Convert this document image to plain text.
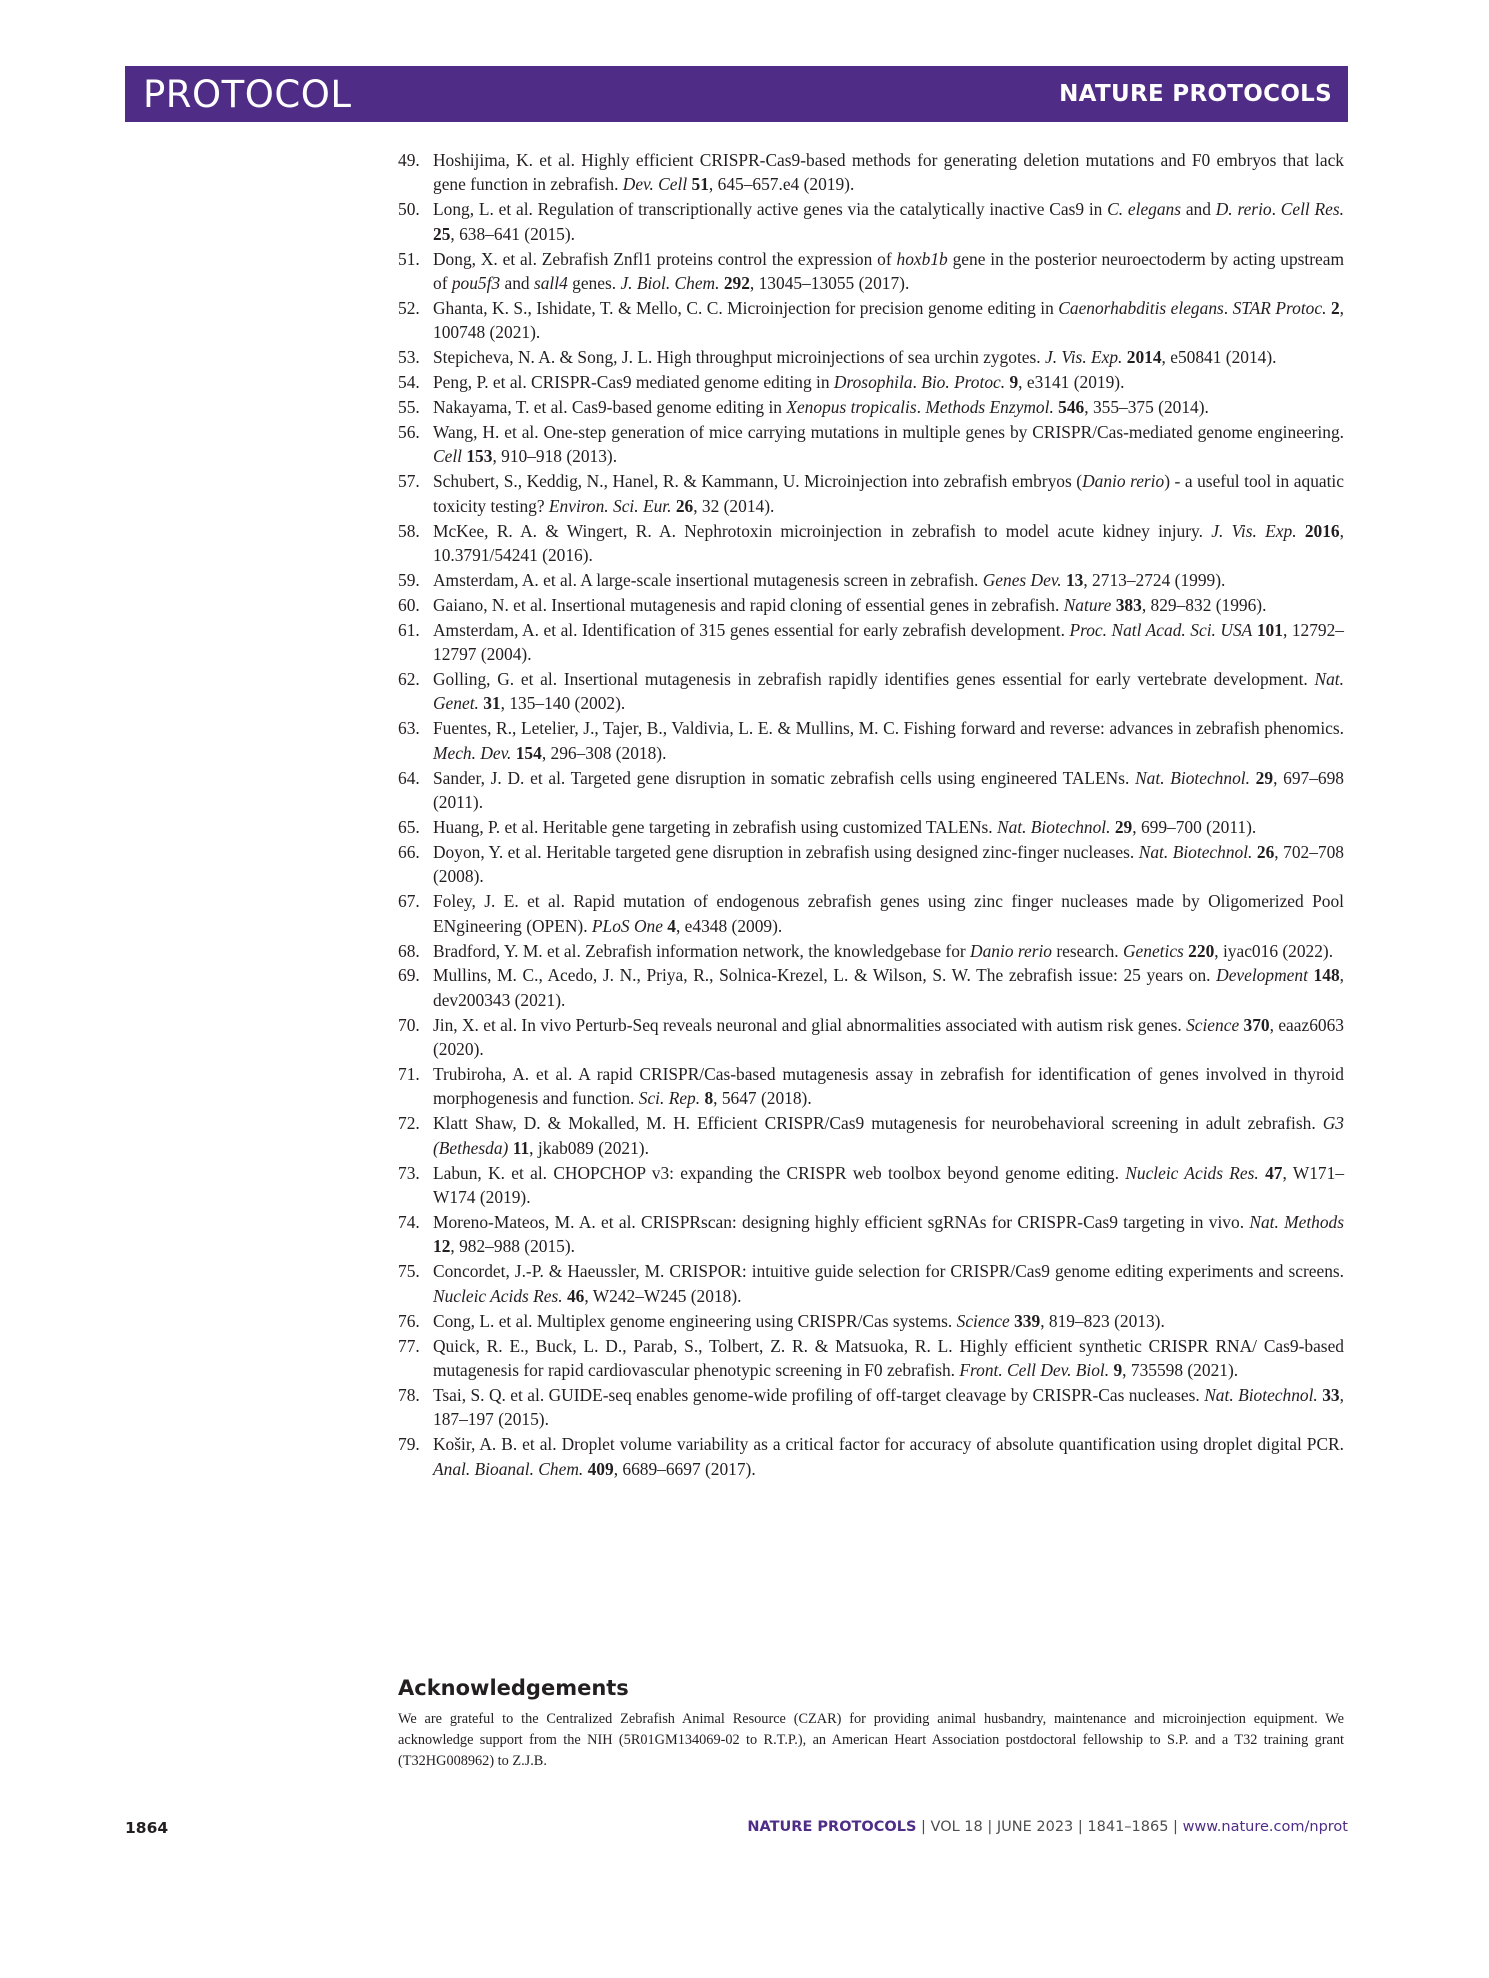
PROTOCOL	NATURE PROTOCOLS
49. Hoshijima, K. et al. Highly efficient CRISPR-Cas9-based methods for generating deletion mutations and F0 embryos that lack gene function in zebrafish. Dev. Cell 51, 645–657.e4 (2019).
50. Long, L. et al. Regulation of transcriptionally active genes via the catalytically inactive Cas9 in C. elegans and D. rerio. Cell Res. 25, 638–641 (2015).
51. Dong, X. et al. Zebrafish Znfl1 proteins control the expression of hoxb1b gene in the posterior neuroectoderm by acting upstream of pou5f3 and sall4 genes. J. Biol. Chem. 292, 13045–13055 (2017).
52. Ghanta, K. S., Ishidate, T. & Mello, C. C. Microinjection for precision genome editing in Caenorhabditis elegans. STAR Protoc. 2, 100748 (2021).
53. Stepicheva, N. A. & Song, J. L. High throughput microinjections of sea urchin zygotes. J. Vis. Exp. 2014, e50841 (2014).
54. Peng, P. et al. CRISPR-Cas9 mediated genome editing in Drosophila. Bio. Protoc. 9, e3141 (2019).
55. Nakayama, T. et al. Cas9-based genome editing in Xenopus tropicalis. Methods Enzymol. 546, 355–375 (2014).
56. Wang, H. et al. One-step generation of mice carrying mutations in multiple genes by CRISPR/Cas-mediated genome engineering. Cell 153, 910–918 (2013).
57. Schubert, S., Keddig, N., Hanel, R. & Kammann, U. Microinjection into zebrafish embryos (Danio rerio) - a useful tool in aquatic toxicity testing? Environ. Sci. Eur. 26, 32 (2014).
58. McKee, R. A. & Wingert, R. A. Nephrotoxin microinjection in zebrafish to model acute kidney injury. J. Vis. Exp. 2016, 10.3791/54241 (2016).
59. Amsterdam, A. et al. A large-scale insertional mutagenesis screen in zebrafish. Genes Dev. 13, 2713–2724 (1999).
60. Gaiano, N. et al. Insertional mutagenesis and rapid cloning of essential genes in zebrafish. Nature 383, 829–832 (1996).
61. Amsterdam, A. et al. Identification of 315 genes essential for early zebrafish development. Proc. Natl Acad. Sci. USA 101, 12792–12797 (2004).
62. Golling, G. et al. Insertional mutagenesis in zebrafish rapidly identifies genes essential for early vertebrate development. Nat. Genet. 31, 135–140 (2002).
63. Fuentes, R., Letelier, J., Tajer, B., Valdivia, L. E. & Mullins, M. C. Fishing forward and reverse: advances in zebrafish phenomics. Mech. Dev. 154, 296–308 (2018).
64. Sander, J. D. et al. Targeted gene disruption in somatic zebrafish cells using engineered TALENs. Nat. Biotechnol. 29, 697–698 (2011).
65. Huang, P. et al. Heritable gene targeting in zebrafish using customized TALENs. Nat. Biotechnol. 29, 699–700 (2011).
66. Doyon, Y. et al. Heritable targeted gene disruption in zebrafish using designed zinc-finger nucleases. Nat. Biotechnol. 26, 702–708 (2008).
67. Foley, J. E. et al. Rapid mutation of endogenous zebrafish genes using zinc finger nucleases made by Oligomerized Pool ENgineering (OPEN). PLoS One 4, e4348 (2009).
68. Bradford, Y. M. et al. Zebrafish information network, the knowledgebase for Danio rerio research. Genetics 220, iyac016 (2022).
69. Mullins, M. C., Acedo, J. N., Priya, R., Solnica-Krezel, L. & Wilson, S. W. The zebrafish issue: 25 years on. Development 148, dev200343 (2021).
70. Jin, X. et al. In vivo Perturb-Seq reveals neuronal and glial abnormalities associated with autism risk genes. Science 370, eaaz6063 (2020).
71. Trubiroha, A. et al. A rapid CRISPR/Cas-based mutagenesis assay in zebrafish for identification of genes involved in thyroid morphogenesis and function. Sci. Rep. 8, 5647 (2018).
72. Klatt Shaw, D. & Mokalled, M. H. Efficient CRISPR/Cas9 mutagenesis for neurobehavioral screening in adult zebrafish. G3 (Bethesda) 11, jkab089 (2021).
73. Labun, K. et al. CHOPCHOP v3: expanding the CRISPR web toolbox beyond genome editing. Nucleic Acids Res. 47, W171–W174 (2019).
74. Moreno-Mateos, M. A. et al. CRISPRscan: designing highly efficient sgRNAs for CRISPR-Cas9 targeting in vivo. Nat. Methods 12, 982–988 (2015).
75. Concordet, J.-P. & Haeussler, M. CRISPOR: intuitive guide selection for CRISPR/Cas9 genome editing experiments and screens. Nucleic Acids Res. 46, W242–W245 (2018).
76. Cong, L. et al. Multiplex genome engineering using CRISPR/Cas systems. Science 339, 819–823 (2013).
77. Quick, R. E., Buck, L. D., Parab, S., Tolbert, Z. R. & Matsuoka, R. L. Highly efficient synthetic CRISPR RNA/ Cas9-based mutagenesis for rapid cardiovascular phenotypic screening in F0 zebrafish. Front. Cell Dev. Biol. 9, 735598 (2021).
78. Tsai, S. Q. et al. GUIDE-seq enables genome-wide profiling of off-target cleavage by CRISPR-Cas nucleases. Nat. Biotechnol. 33, 187–197 (2015).
79. Košir, A. B. et al. Droplet volume variability as a critical factor for accuracy of absolute quantification using droplet digital PCR. Anal. Bioanal. Chem. 409, 6689–6697 (2017).
Acknowledgements

We are grateful to the Centralized Zebrafish Animal Resource (CZAR) for providing animal husbandry, maintenance and microinjection equipment. We acknowledge support from the NIH (5R01GM134069-02 to R.T.P.), an American Heart Association postdoctoral fellowship to S.P. and a T32 training grant (T32HG008962) to Z.J.B.

1864	NATURE PROTOCOLS | VOL 18 | JUNE 2023 | 1841–1865 | www.nature.com/nprot
